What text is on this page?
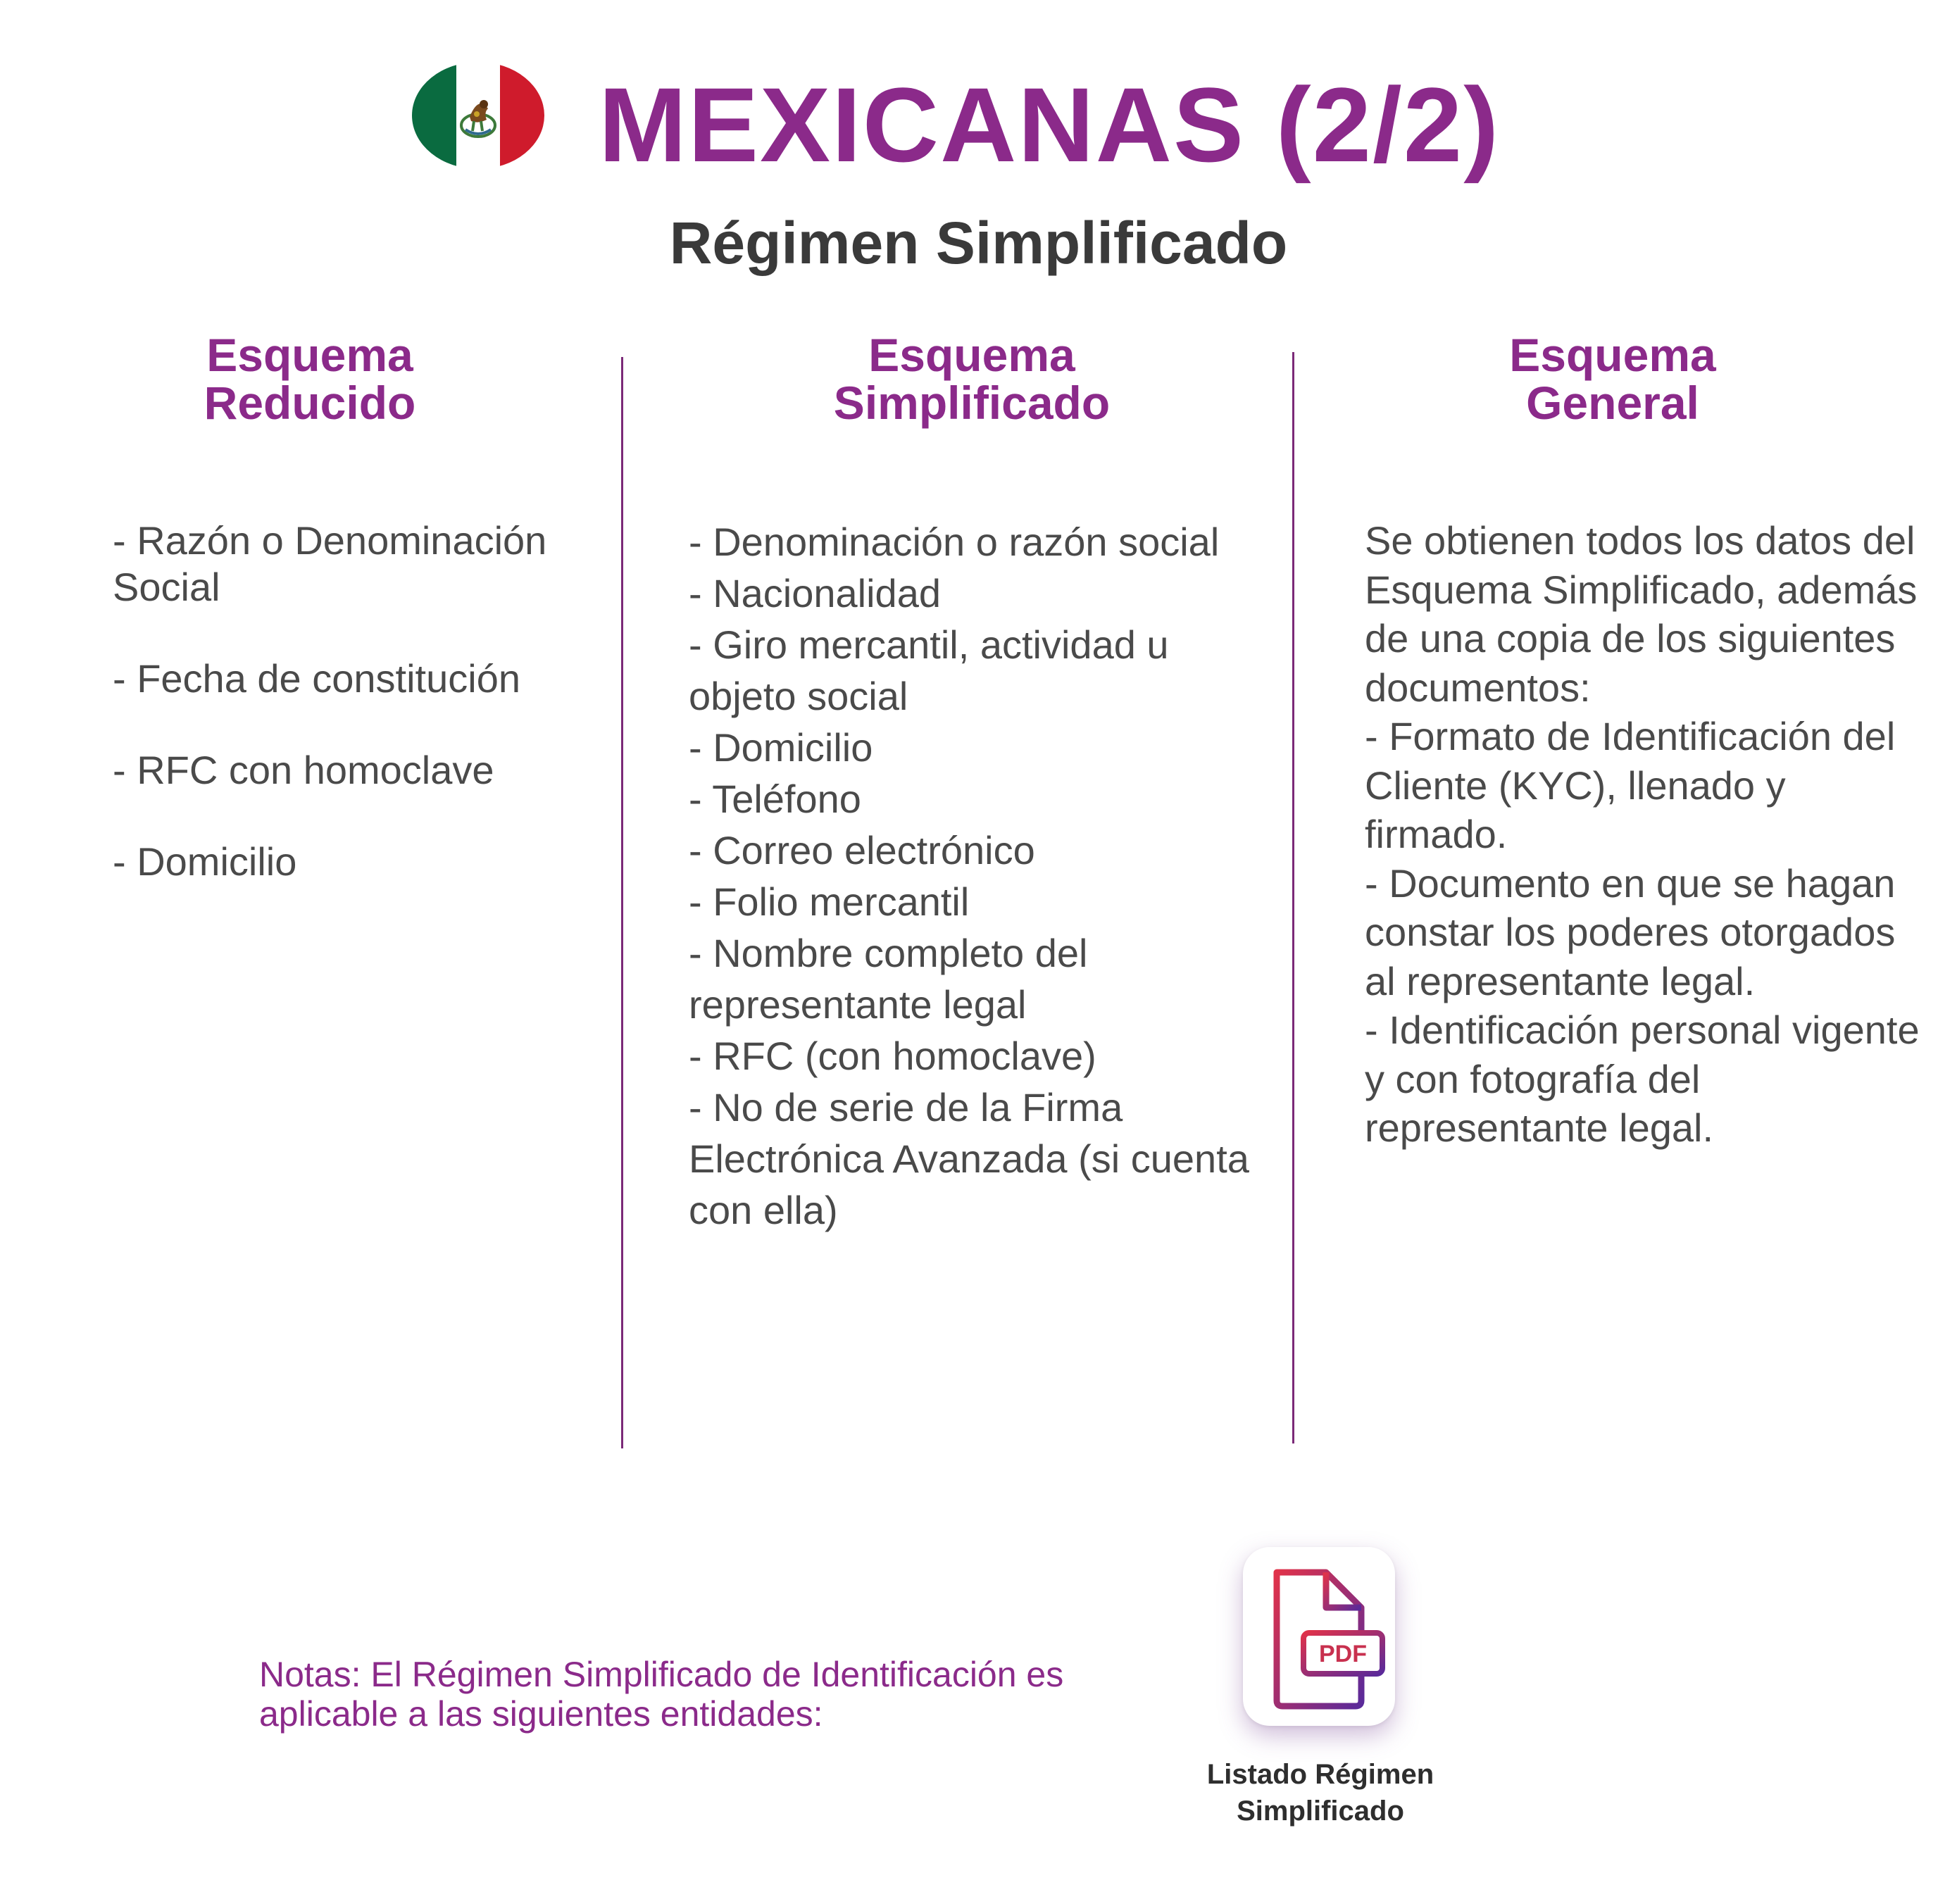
MEXICANAS (2/2)
Régimen Simplificado
Esquema
Reducido
Esquema
Simplificado
Esquema
General
- Razón o Denominación Social
- Fecha de constitución
- RFC con homoclave
- Domicilio
- Denominación o razón social
- Nacionalidad
- Giro mercantil, actividad u objeto social
- Domicilio
- Teléfono
- Correo electrónico
- Folio mercantil
- Nombre completo del representante legal
- RFC (con homoclave)
- No de serie de la Firma Electrónica Avanzada (si cuenta con ella)
Se obtienen todos los datos del Esquema Simplificado, además de una copia de los siguientes documentos:
- Formato de Identificación del Cliente (KYC), llenado y firmado.
- Documento en que se hagan constar los poderes otorgados al representante legal.
- Identificación personal vigente y con fotografía del representante legal.
Notas: El Régimen Simplificado de Identificación es aplicable a las siguientes entidades:
PDF
Listado Régimen
Simplificado
